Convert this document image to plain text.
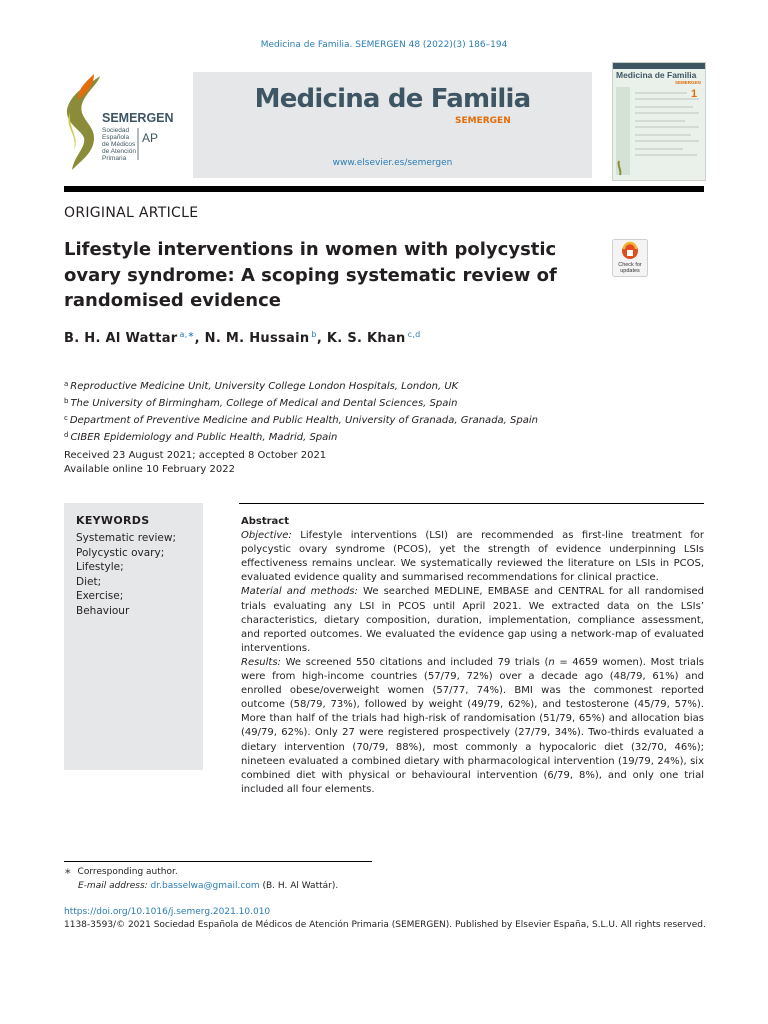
Medicina de Familia. SEMERGEN 48 (2022)(3) 186–194
SEMERGEN
Sociedad
Española
de Médicos
de Atención
Primaria
AP
Medicina de Familia
SEMERGEN
www.elsevier.es/semergen
Medicina de Familia
SEMERGEN
1
ORIGINAL ARTICLE
Lifestyle interventions in women with polycystic ovary syndrome: A scoping systematic review of randomised evidence
Check for
updates
B. H. Al Wattar $^{a,∗}$, N. M. Hussain $^b$, K. S. Khan $^{c,d}$
$^a$ Reproductive Medicine Unit, University College London Hospitals, London, UK
$^b$ The University of Birmingham, College of Medical and Dental Sciences, Spain
$^c$ Department of Preventive Medicine and Public Health, University of Granada, Granada, Spain
$^d$ CIBER Epidemiology and Public Health, Madrid, Spain
Received 23 August 2021; accepted 8 October 2021
Available online 10 February 2022
KEYWORDS
Systematic review;
Polycystic ovary;
Lifestyle;
Diet;
Exercise;
Behaviour
Abstract
Objective: Lifestyle interventions (LSI) are recommended as first-line treatment for polycystic ovary syndrome (PCOS), yet the strength of evidence underpinning LSIs effectiveness remains unclear. We systematically reviewed the literature on LSIs in PCOS, evaluated evidence quality and summarised recommendations for clinical practice.
Material and methods: We searched MEDLINE, EMBASE and CENTRAL for all randomised trials evaluating any LSI in PCOS until April 2021. We extracted data on the LSIs’ characteristics, dietary composition, duration, implementation, compliance assessment, and reported outcomes. We evaluated the evidence gap using a network-map of evaluated interventions.
Results: We screened 550 citations and included 79 trials (n = 4659 women). Most trials were from high-income countries (57/79, 72%) over a decade ago (48/79, 61%) and enrolled obese/overweight women (57/77, 74%). BMI was the commonest reported outcome (58/79, 73%), followed by weight (49/79, 62%), and testosterone (45/79, 57%). More than half of the trials had high-risk of randomisation (51/79, 65%) and allocation bias (49/79, 62%). Only 27 were registered prospectively (27/79, 34%). Two-thirds evaluated a dietary intervention (70/79, 88%), most commonly a hypocaloric diet (32/70, 46%); nineteen evaluated a combined dietary with pharmacological intervention (19/79, 24%), six combined diet with physical or behavioural intervention (6/79, 8%), and only one trial included all four elements.
∗ Corresponding author.
E-mail address: dr.basselwa@gmail.com (B. H. Al Wattár).
https://doi.org/10.1016/j.semerg.2021.10.010
1138-3593/© 2021 Sociedad Española de Médicos de Atención Primaria (SEMERGEN). Published by Elsevier España, S.L.U. All rights reserved.
